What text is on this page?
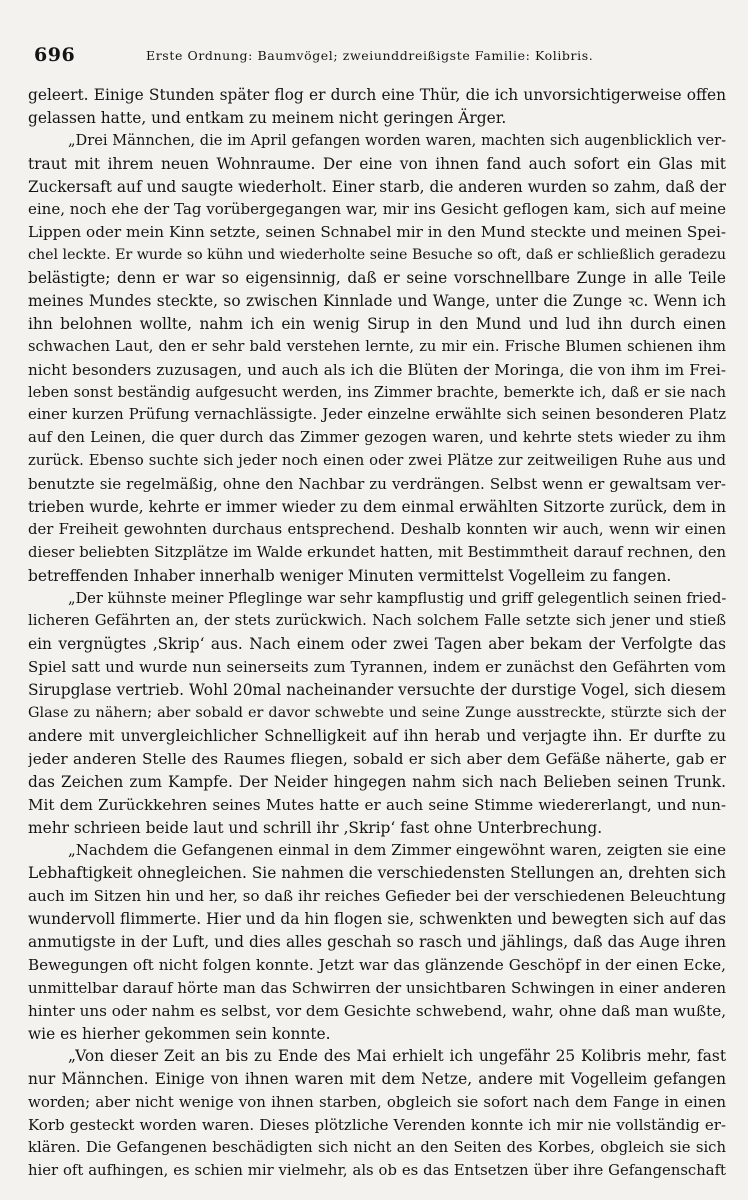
696	Erste Ordnung: Baumvögel; zweiunddreißigste Familie: Kolibris.
geleert. Einige Stunden später flog er durch eine Thür, die ich unvorsichtigerweise offen
gelassen hatte, und entkam zu meinem nicht geringen Ärger.
„Drei Männchen, die im April gefangen worden waren, machten sich augenblicklich ver-
traut mit ihrem neuen Wohnraume. Der eine von ihnen fand auch sofort ein Glas mit
Zuckersaft auf und saugte wiederholt. Einer starb, die anderen wurden so zahm, daß der
eine, noch ehe der Tag vorübergegangen war, mir ins Gesicht geflogen kam, sich auf meine
Lippen oder mein Kinn setzte, seinen Schnabel mir in den Mund steckte und meinen Spei-
chel leckte. Er wurde so kühn und wiederholte seine Besuche so oft, daß er schließlich geradezu
belästigte; denn er war so eigensinnig, daß er seine vorschnellbare Zunge in alle Teile
meines Mundes steckte, so zwischen Kinnlade und Wange, unter die Zunge ꝛc. Wenn ich
ihn belohnen wollte, nahm ich ein wenig Sirup in den Mund und lud ihn durch einen
schwachen Laut, den er sehr bald verstehen lernte, zu mir ein. Frische Blumen schienen ihm
nicht besonders zuzusagen, und auch als ich die Blüten der Moringa, die von ihm im Frei-
leben sonst beständig aufgesucht werden, ins Zimmer brachte, bemerkte ich, daß er sie nach
einer kurzen Prüfung vernachlässigte. Jeder einzelne erwählte sich seinen besonderen Platz
auf den Leinen, die quer durch das Zimmer gezogen waren, und kehrte stets wieder zu ihm
zurück. Ebenso suchte sich jeder noch einen oder zwei Plätze zur zeitweiligen Ruhe aus und
benutzte sie regelmäßig, ohne den Nachbar zu verdrängen. Selbst wenn er gewaltsam ver-
trieben wurde, kehrte er immer wieder zu dem einmal erwählten Sitzorte zurück, dem in
der Freiheit gewohnten durchaus entsprechend. Deshalb konnten wir auch, wenn wir einen
dieser beliebten Sitzplätze im Walde erkundet hatten, mit Bestimmtheit darauf rechnen, den
betreffenden Inhaber innerhalb weniger Minuten vermittelst Vogelleim zu fangen.
„Der kühnste meiner Pfleglinge war sehr kampflustig und griff gelegentlich seinen fried-
licheren Gefährten an, der stets zurückwich. Nach solchem Falle setzte sich jener und stieß
ein vergnügtes ‚Skrip‘ aus. Nach einem oder zwei Tagen aber bekam der Verfolgte das
Spiel satt und wurde nun seinerseits zum Tyrannen, indem er zunächst den Gefährten vom
Sirupglase vertrieb. Wohl 20mal nacheinander versuchte der durstige Vogel, sich diesem
Glase zu nähern; aber sobald er davor schwebte und seine Zunge ausstreckte, stürzte sich der
andere mit unvergleichlicher Schnelligkeit auf ihn herab und verjagte ihn. Er durfte zu
jeder anderen Stelle des Raumes fliegen, sobald er sich aber dem Gefäße näherte, gab er
das Zeichen zum Kampfe. Der Neider hingegen nahm sich nach Belieben seinen Trunk.
Mit dem Zurückkehren seines Mutes hatte er auch seine Stimme wiedererlangt, und nun-
mehr schrieen beide laut und schrill ihr ‚Skrip‘ fast ohne Unterbrechung.
„Nachdem die Gefangenen einmal in dem Zimmer eingewöhnt waren, zeigten sie eine
Lebhaftigkeit ohnegleichen. Sie nahmen die verschiedensten Stellungen an, drehten sich
auch im Sitzen hin und her, so daß ihr reiches Gefieder bei der verschiedenen Beleuchtung
wundervoll flimmerte. Hier und da hin flogen sie, schwenkten und bewegten sich auf das
anmutigste in der Luft, und dies alles geschah so rasch und jählings, daß das Auge ihren
Bewegungen oft nicht folgen konnte. Jetzt war das glänzende Geschöpf in der einen Ecke,
unmittelbar darauf hörte man das Schwirren der unsichtbaren Schwingen in einer anderen
hinter uns oder nahm es selbst, vor dem Gesichte schwebend, wahr, ohne daß man wußte,
wie es hierher gekommen sein konnte.
„Von dieser Zeit an bis zu Ende des Mai erhielt ich ungefähr 25 Kolibris mehr, fast
nur Männchen. Einige von ihnen waren mit dem Netze, andere mit Vogelleim gefangen
worden; aber nicht wenige von ihnen starben, obgleich sie sofort nach dem Fange in einen
Korb gesteckt worden waren. Dieses plötzliche Verenden konnte ich mir nie vollständig er-
klären. Die Gefangenen beschädigten sich nicht an den Seiten des Korbes, obgleich sie sich
hier oft aufhingen, es schien mir vielmehr, als ob es das Entsetzen über ihre Gefangenschaft
